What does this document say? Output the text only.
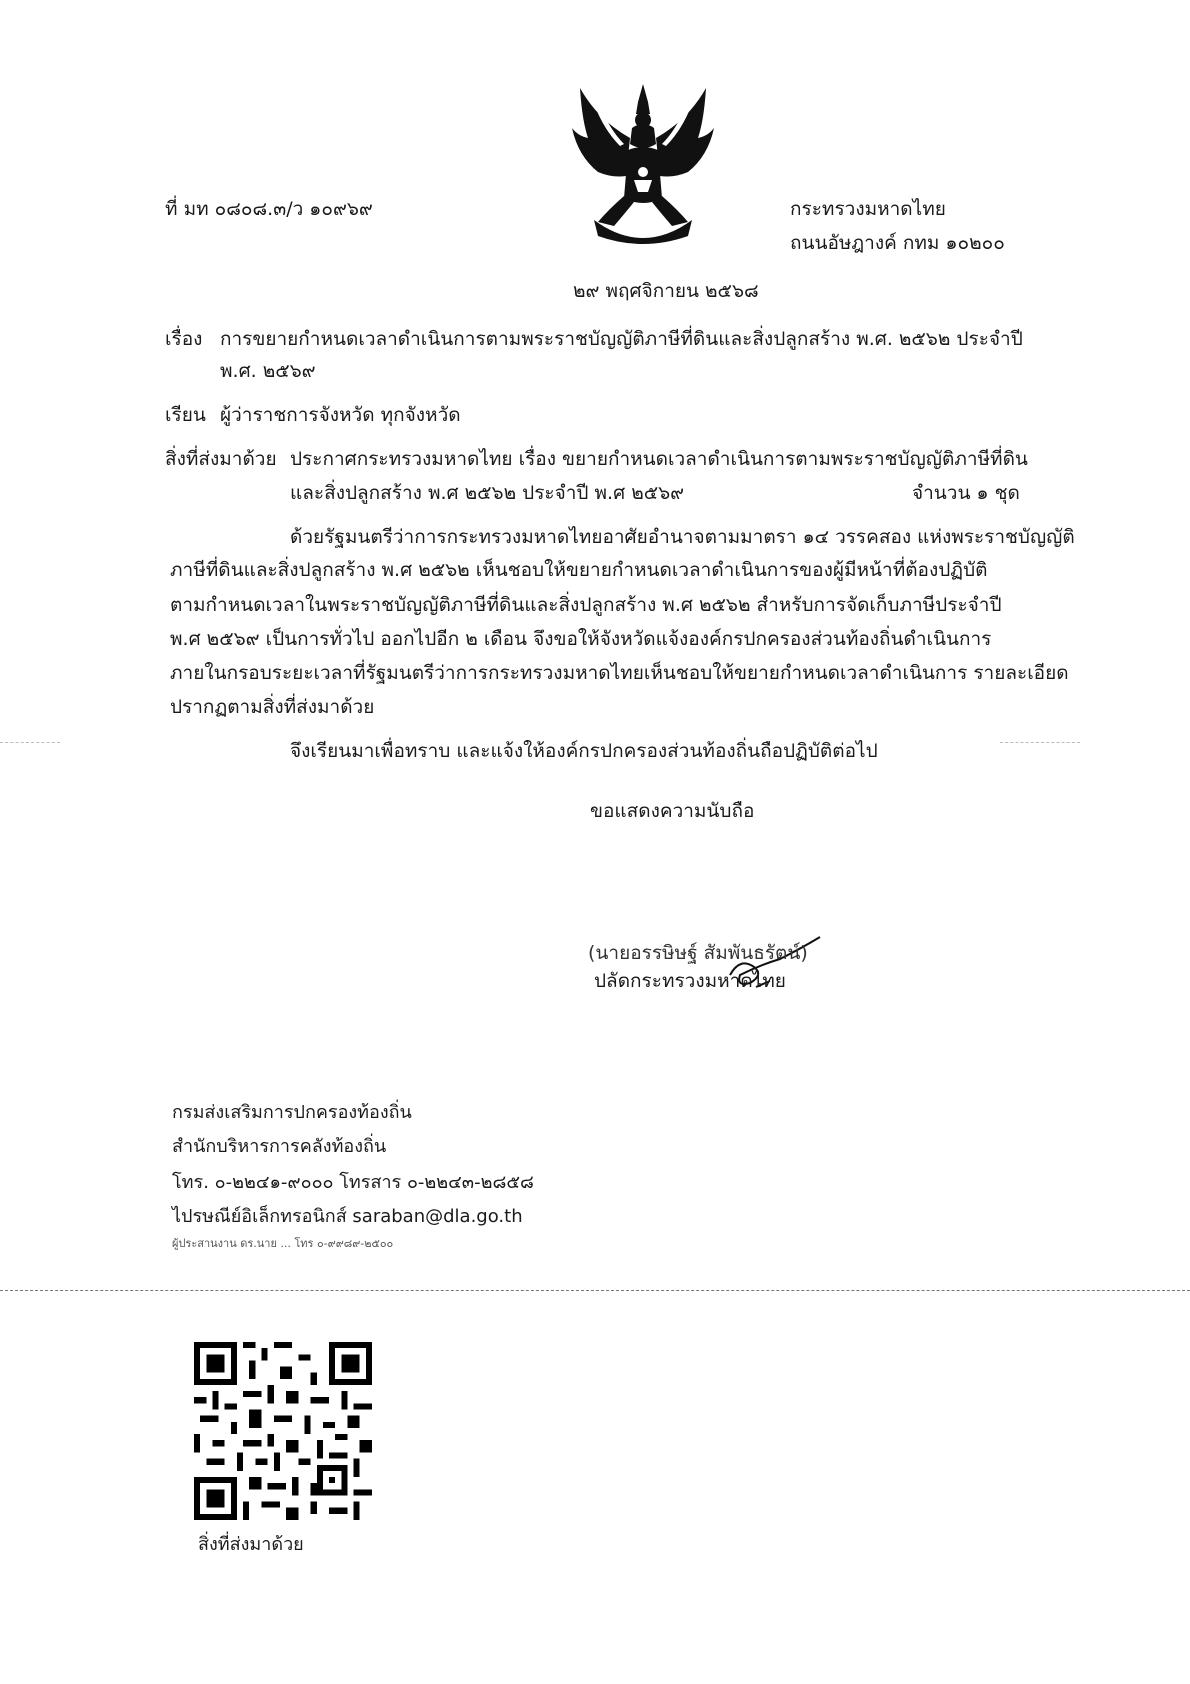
ที่ มท ๐๘๐๘.๓/ว ๑๐๙๖๙	กระทรวงมหาดไทย
ถนนอัษฎางค์ กทม ๑๐๒๐๐
๒๙ พฤศจิกายน ๒๕๖๘
เรื่อง การขยายกำหนดเวลาดำเนินการตามพระราชบัญญัติภาษีที่ดินและสิ่งปลูกสร้าง พ.ศ. ๒๕๖๒ ประจำปี
พ.ศ. ๒๕๖๙
เรียน ผู้ว่าราชการจังหวัด ทุกจังหวัด
สิ่งที่ส่งมาด้วย ประกาศกระทรวงมหาดไทย เรื่อง ขยายกำหนดเวลาดำเนินการตามพระราชบัญญัติภาษีที่ดิน
และสิ่งปลูกสร้าง พ.ศ ๒๕๖๒ ประจำปี พ.ศ ๒๕๖๙	จำนวน ๑ ชุด
ด้วยรัฐมนตรีว่าการกระทรวงมหาดไทยอาศัยอำนาจตามมาตรา ๑๔ วรรคสอง แห่งพระราชบัญญัติ
ภาษีที่ดินและสิ่งปลูกสร้าง พ.ศ ๒๕๖๒ เห็นชอบให้ขยายกำหนดเวลาดำเนินการของผู้มีหน้าที่ต้องปฏิบัติ
ตามกำหนดเวลาในพระราชบัญญัติภาษีที่ดินและสิ่งปลูกสร้าง พ.ศ ๒๕๖๒ สำหรับการจัดเก็บภาษีประจำปี
พ.ศ ๒๕๖๙ เป็นการทั่วไป ออกไปอีก ๒ เดือน จึงขอให้จังหวัดแจ้งองค์กรปกครองส่วนท้องถิ่นดำเนินการ
ภายในกรอบระยะเวลาที่รัฐมนตรีว่าการกระทรวงมหาดไทยเห็นชอบให้ขยายกำหนดเวลาดำเนินการ รายละเอียด
ปรากฏตามสิ่งที่ส่งมาด้วย
จึงเรียนมาเพื่อทราบ และแจ้งให้องค์กรปกครองส่วนท้องถิ่นถือปฏิบัติต่อไป
ขอแสดงความนับถือ
(นายอรรษิษฐ์ สัมพันธรัตน์)
ปลัดกระทรวงมหาดไทย
กรมส่งเสริมการปกครองท้องถิ่น
สำนักบริหารการคลังท้องถิ่น
โทร. ๐-๒๒๔๑-๙๐๐๐ โทรสาร ๐-๒๒๔๓-๒๘๕๘
ไปรษณีย์อิเล็กทรอนิกส์ saraban@dla.go.th
ผู้ประสานงาน ดร.นาย ... โทร ๐-๙๙๘๙-๒๕๐๐
สิ่งที่ส่งมาด้วย
